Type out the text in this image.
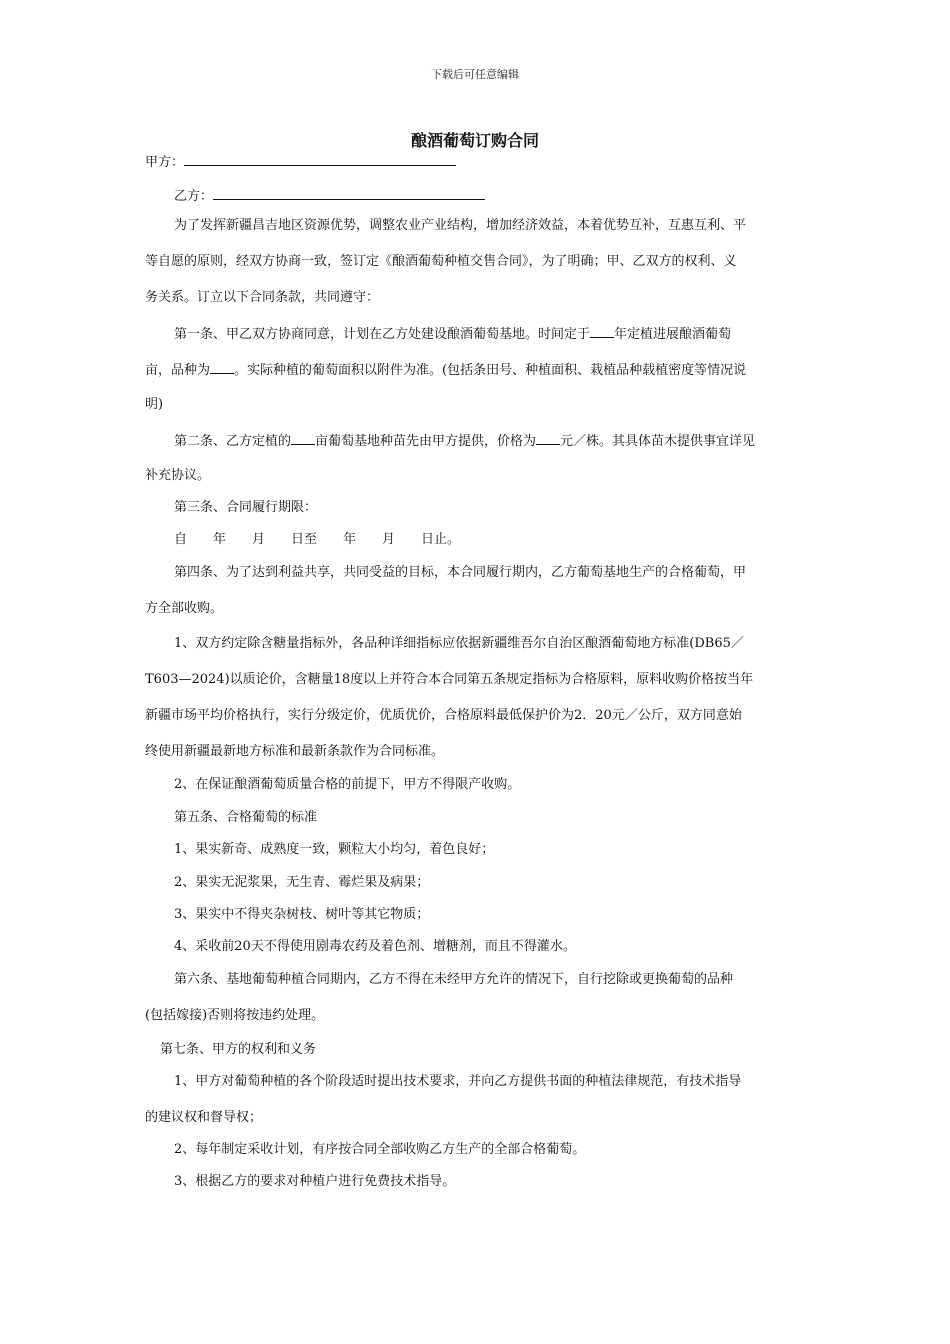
下载后可任意编辑
酿酒葡萄订购合同
甲方：
乙方：
为了发挥新疆昌吉地区资源优势，调整农业产业结构，增加经济效益，本着优势互补，互惠互利、平
等自愿的原则，经双方协商一致，签订定《酿酒葡萄种植交售合同》，为了明确；甲、乙双方的权利、义
务关系。订立以下合同条款，共同遵守：
第一条、甲乙双方协商同意，计划在乙方处建设酿酒葡萄基地。时间定于 年定植进展酿酒葡萄
亩，品种为 。实际种植的葡萄面积以附件为准。(包括条田号、种植面积、栽植品种载植密度等情况说
明)
第二条、乙方定植的 亩葡萄基地种苗先由甲方提供，价格为 元／株。其具体苗木提供事宜详见
补充协议。
第三条、合同履行期限：
自　　年　　月　　日至　　年　　月　　日止。
第四条、为了达到利益共享，共同受益的目标，本合同履行期内，乙方葡萄基地生产的合格葡萄，甲
方全部收购。
1、双方约定除含糖量指标外，各品种详细指标应依据新疆维吾尔自治区酿酒葡萄地方标准(DB65／
T603—2024)以质论价，含糖量18度以上并符合本合同第五条规定指标为合格原料，原料收购价格按当年
新疆市场平均价格执行，实行分级定价，优质优价，合格原料最低保护价为2．20元／公斤，双方同意始
终使用新疆最新地方标准和最新条款作为合同标准。
2、在保证酿酒葡萄质量合格的前提下，甲方不得限产收购。
第五条、合格葡萄的标准
1、果实新奇、成熟度一致，颗粒大小均匀，着色良好；
2、果实无泥浆果，无生青、霉烂果及病果；
3、果实中不得夹杂树枝、树叶等其它物质；
4、采收前20天不得使用剧毒农药及着色剂、增糖剂，而且不得灌水。
第六条、基地葡萄种植合同期内，乙方不得在未经甲方允许的情况下，自行挖除或更换葡萄的品种
(包括嫁接)否则将按违约处理。
第七条、甲方的权利和义务
1、甲方对葡萄种植的各个阶段适时提出技术要求，并向乙方提供书面的种植法律规范，有技术指导
的建议权和督导权；
2、每年制定采收计划，有序按合同全部收购乙方生产的全部合格葡萄。
3、根据乙方的要求对种植户进行免费技术指导。
